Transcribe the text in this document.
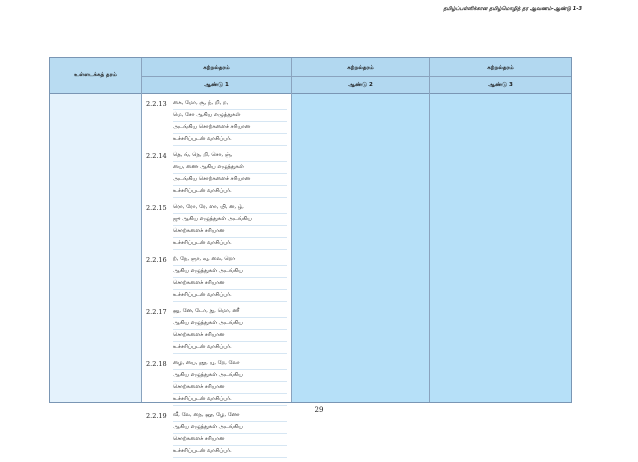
தமிழ்ப்பள்ளிக்கான தமிழ்மொழித் தர ஆவணம்-ஆண்டு 1-3
உள்ளடக்கத் தரம்
கற்றல்தரம்
ஆண்டு 1
2.2.13 கை, மோ, சூ, ந், றி, ற,
மெ, சோ ஆகிய எழுத்துகள்
அடங்கிய சொற்களைச் சரியான
உச்சரிப்புடன் வாசிப்பர்.
2.2.14 தெ, ங், நெ, றி, சொ, ஞ்,
யை, ணை ஆகிய எழுத்துகள்
அடங்கிய சொற்களைச் சரியான
உச்சரிப்புடன் வாசிப்பர்.
2.2.15 ரொ, ரோ, ரே, ளா, யி, ன, ழ்,
ஜு ஆகிய எழுத்துகள் அடங்கிய
சொற்களைச் சரியான
உச்சரிப்புடன் வாசிப்பர்.
2.2.16 ற், நே, ஞா, வு, லை, றொ
ஆகிய எழுத்துகள் அடங்கிய
சொற்களைச் சரியான
உச்சரிப்புடன் வாசிப்பர்.
2.2.17 னு, னே, டோ, நு, மொ, ணீ
ஆகிய எழுத்துகள் அடங்கிய
சொற்களைச் சரியான
உச்சரிப்புடன் வாசிப்பர்.
2.2.18 ழை, யை, ஞூ, யு, றே, லோ
ஆகிய எழுத்துகள் அடங்கிய
சொற்களைச் சரியான
உச்சரிப்புடன் வாசிப்பர்.
2.2.19 வீ, லே, நை, னூ, ழே, னோ
ஆகிய எழுத்துகள் அடங்கிய
சொற்களைச் சரியான
உச்சரிப்புடன் வாசிப்பர்.
கற்றல்தரம்
ஆண்டு 2
கற்றல்தரம்
ஆண்டு 3
29
